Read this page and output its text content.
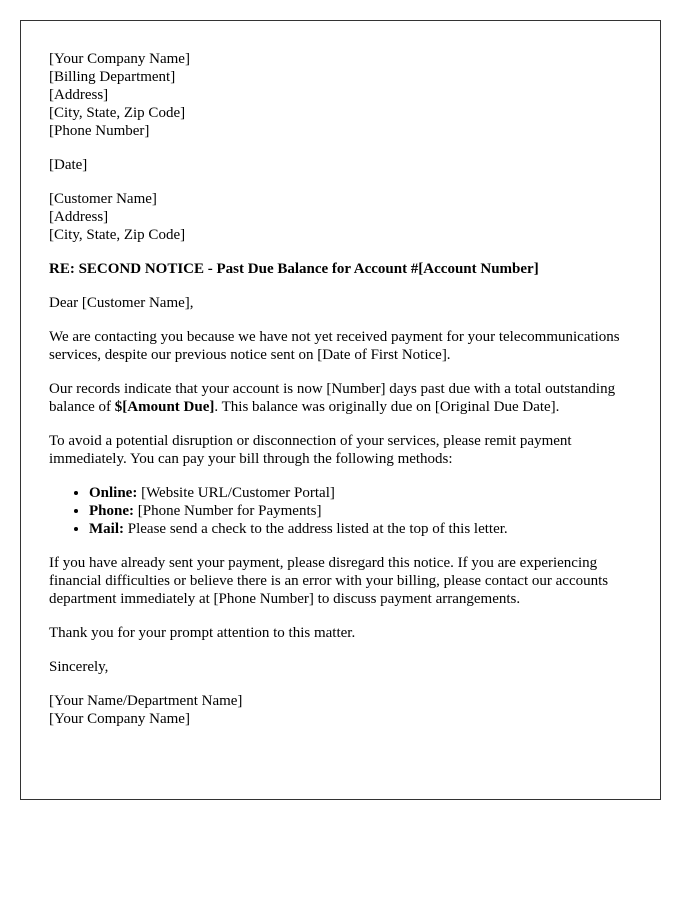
[Your Company Name]
[Billing Department]
[Address]
[City, State, Zip Code]
[Phone Number]

[Date]

[Customer Name]
[Address]
[City, State, Zip Code]

RE: SECOND NOTICE - Past Due Balance for Account #[Account Number]

Dear [Customer Name],

We are contacting you because we have not yet received payment for your telecommunications services, despite our previous notice sent on [Date of First Notice].

Our records indicate that your account is now [Number] days past due with a total outstanding balance of $[Amount Due]. This balance was originally due on [Original Due Date].

To avoid a potential disruption or disconnection of your services, please remit payment immediately. You can pay your bill through the following methods:

• Online: [Website URL/Customer Portal]
• Phone: [Phone Number for Payments]
• Mail: Please send a check to the address listed at the top of this letter.

If you have already sent your payment, please disregard this notice. If you are experiencing financial difficulties or believe there is an error with your billing, please contact our accounts department immediately at [Phone Number] to discuss payment arrangements.

Thank you for your prompt attention to this matter.

Sincerely,

[Your Name/Department Name]
[Your Company Name]
